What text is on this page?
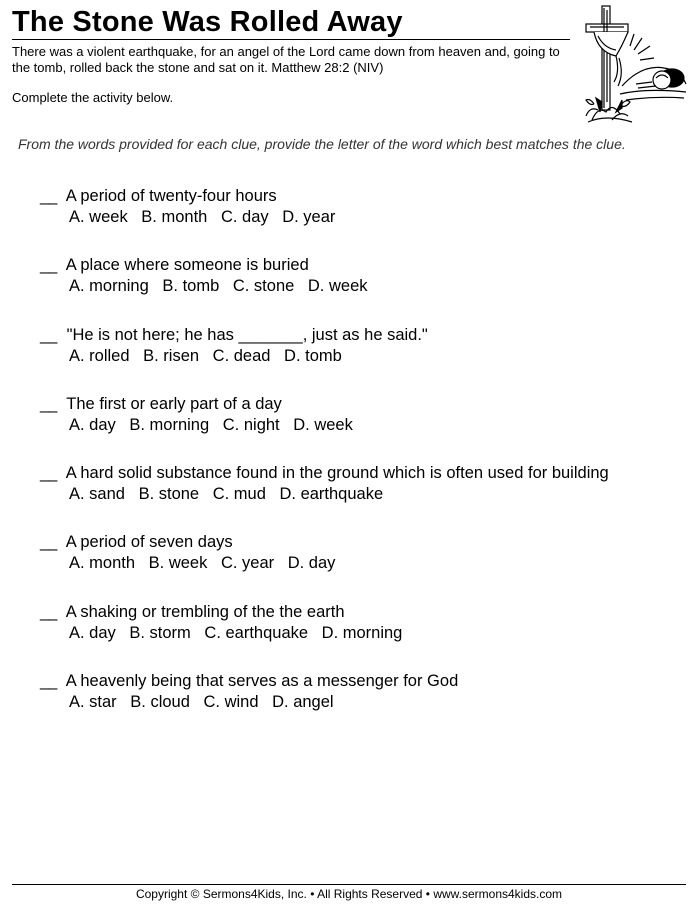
The Stone Was Rolled Away
There was a violent earthquake, for an angel of the Lord came down from heaven and, going to the tomb, rolled back the stone and sat on it. Matthew 28:2 (NIV)
Complete the activity below.
From the words provided for each clue, provide the letter of the word which best matches the clue.
__ A period of twenty-four hours
A. week B. month C. day D. year
__ A place where someone is buried
A. morning B. tomb C. stone D. week
__ "He is not here; he has _______, just as he said."
A. rolled B. risen C. dead D. tomb
__ The first or early part of a day
A. day B. morning C. night D. week
__ A hard solid substance found in the ground which is often used for building
A. sand B. stone C. mud D. earthquake
__ A period of seven days
A. month B. week C. year D. day
__ A shaking or trembling of the the earth
A. day B. storm C. earthquake D. morning
__ A heavenly being that serves as a messenger for God
A. star B. cloud C. wind D. angel
Copyright © Sermons4Kids, Inc. • All Rights Reserved • www.sermons4kids.com
